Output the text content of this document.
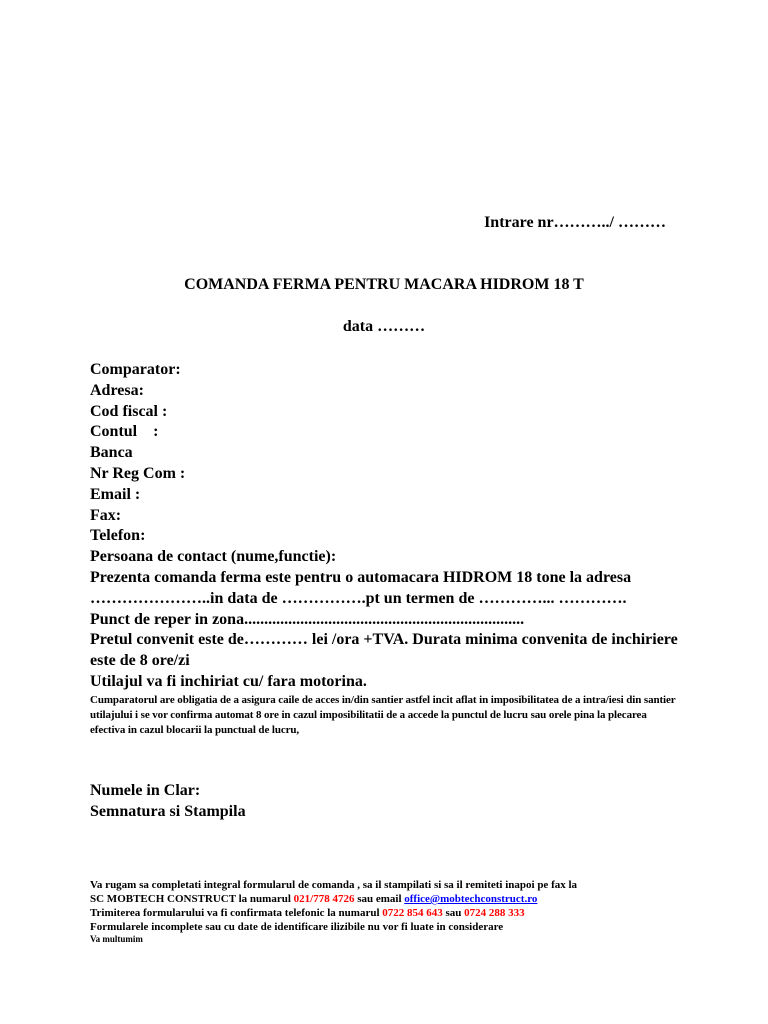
Intrare nr………../ ………
COMANDA FERMA PENTRU MACARA HIDROM 18 T
data ………
Comparator:
Adresa:
Cod fiscal :
Contul :
Banca
Nr Reg Com :
Email :
Fax:
Telefon:
Persoana de contact (nume,functie):
Prezenta comanda ferma este pentru o automacara HIDROM 18 tone la adresa …………………..in data de …………….pt un termen de …………... ………….
Punct de reper in zona......................................................................
Pretul convenit este de………… lei /ora +TVA. Durata minima convenita de inchiriere este de 8 ore/zi
Utilajul va fi inchiriat cu/ fara motorina.

Cumparatorul are obligatia de a asigura caile de acces in/din santier astfel incit aflat in imposibilitatea de a intra/iesi din santier utilajului i se vor confirma automat 8 ore in cazul imposibilitatii de a accede la punctul de lucru sau orele pina la plecarea efectiva in cazul blocarii la punctual de lucru,

Numele in Clar:
Semnatura si Stampila
Va rugam sa completati integral formularul de comanda , sa il stampilati si sa il remiteti inapoi pe fax la
SC MOBTECH CONSTRUCT la numarul 021/778 4726 sau email office@mobtechconstruct.ro
Trimiterea formularului va fi confirmata telefonic la numarul 0722 854 643 sau 0724 288 333
Formularele incomplete sau cu date de identificare ilizibile nu vor fi luate in considerare
Va multumim
